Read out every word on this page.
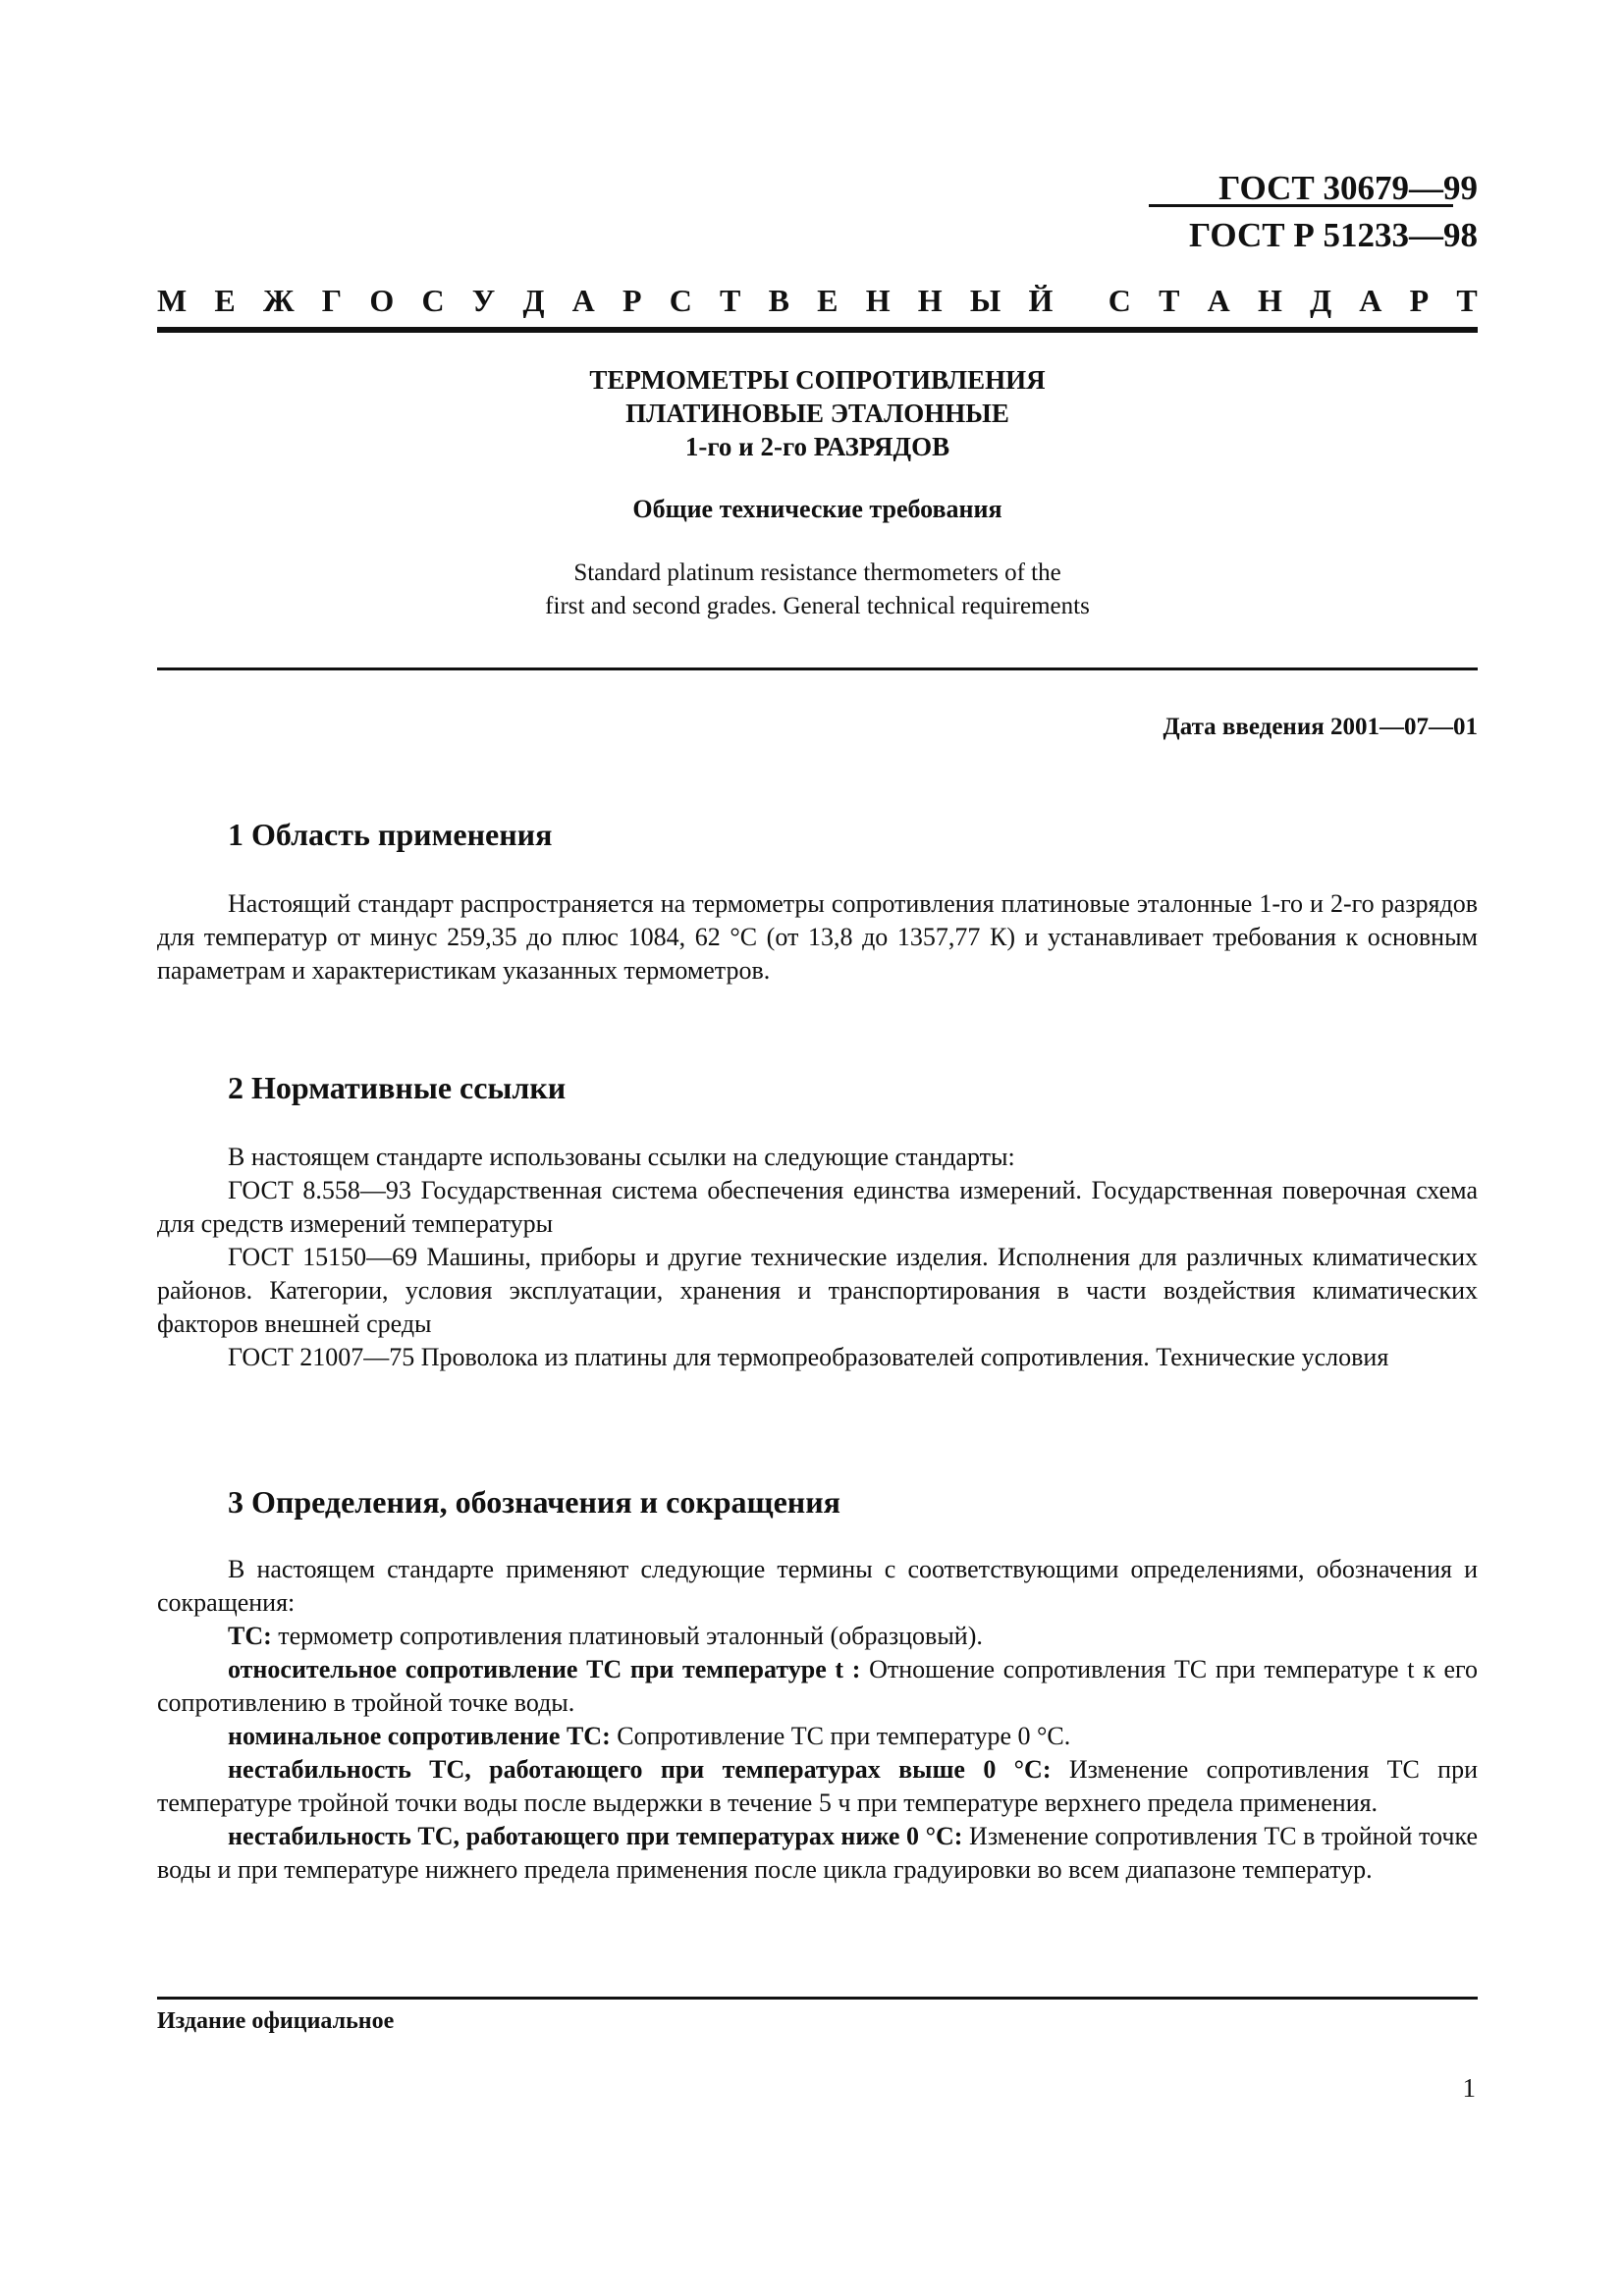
ГОСТ 30679—99
ГОСТ Р 51233—98
М Е Ж Г О С У Д А Р С Т В Е Н Н Ы Й С Т А Н Д А Р Т
ТЕРМОМЕТРЫ СОПРОТИВЛЕНИЯ
ПЛАТИНОВЫЕ ЭТАЛОННЫЕ
1-го и 2-го РАЗРЯДОВ
Общие технические требования
Standard platinum resistance thermometers of the
first and second grades. General technical requirements
Дата введения 2001—07—01
1 Область применения

Настоящий стандарт распространяется на термометры сопротивления платиновые эталонные 1-го и 2-го разрядов для температур от минус 259,35 до плюс 1084, 62 °С (от 13,8 до 1357,77 К) и устанавливает требования к основным параметрам и характеристикам указанных термометров.

2 Нормативные ссылки

В настоящем стандарте использованы ссылки на следующие стандарты:

ГОСТ 8.558—93 Государственная система обеспечения единства измерений. Государственная поверочная схема для средств измерений температуры

ГОСТ 15150—69 Машины, приборы и другие технические изделия. Исполнения для различных климатических районов. Категории, условия эксплуатации, хранения и транспортирования в части воздействия климатических факторов внешней среды

ГОСТ 21007—75 Проволока из платины для термопреобразователей сопротивления. Технические условия

3 Определения, обозначения и сокращения

В настоящем стандарте применяют следующие термины с соответствующими определениями, обозначения и сокращения:

ТС: термометр сопротивления платиновый эталонный (образцовый).

относительное сопротивление ТС при температуре t : Отношение сопротивления ТС при температуре t к его сопротивлению в тройной точке воды.

номинальное сопротивление ТС: Сопротивление ТС при температуре 0 °С.

нестабильность ТС, работающего при температурах выше 0 °С: Изменение сопротивления ТС при температуре тройной точки воды после выдержки в течение 5 ч при температуре верхнего предела применения.

нестабильность ТС, работающего при температурах ниже 0 °С: Изменение сопротивления ТС в тройной точке воды и при температуре нижнего предела применения после цикла градуировки во всем диапазоне температур.

Издание официальное
1
